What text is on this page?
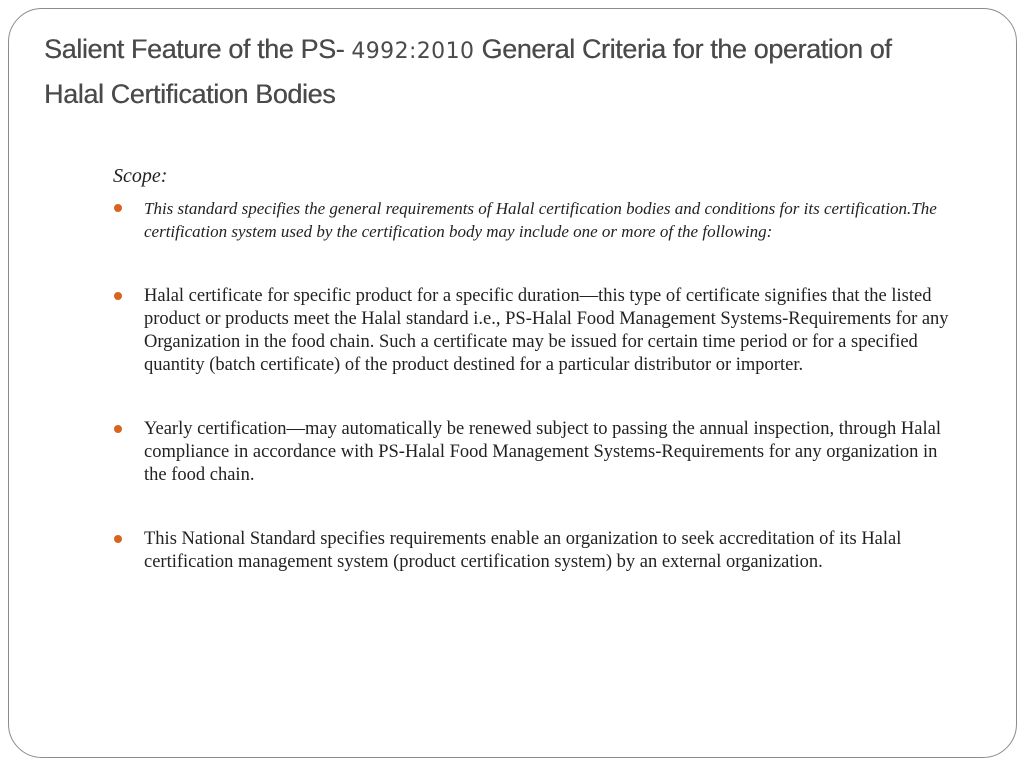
Salient Feature of the PS- 4992:2010 General Criteria for the operation of Halal Certification Bodies

Scope:

This standard specifies the general requirements of Halal certification bodies and conditions for its certification.The certification system used by the certification body may include one or more of the following:
Halal certificate for specific product for a specific duration—this type of certificate signifies that the listed product or products meet the Halal standard i.e., PS-Halal Food Management Systems-Requirements for any Organization in the food chain. Such a certificate may be issued for certain time period or for a specified quantity (batch certificate) of the product destined for a particular distributor or importer.
Yearly certification—may automatically be renewed subject to passing the annual inspection, through Halal compliance in accordance with PS-Halal Food Management Systems-Requirements for any organization in the food chain.
This National Standard specifies requirements enable an organization to seek accreditation of its Halal certification management system (product certification system) by an external organization.
